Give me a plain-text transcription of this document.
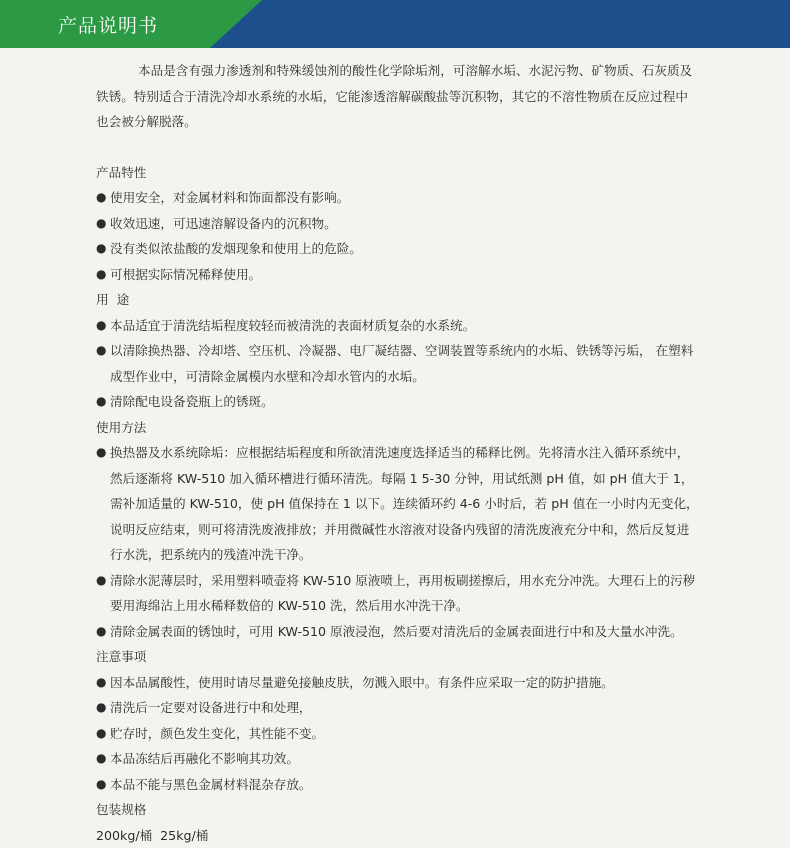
产品说明书

本品是含有强力渗透剂和特殊缓蚀剂的酸性化学除垢剂，可溶解水垢、水泥污物、矿物质、石灰质及铁锈。特别适合于清洗冷却水系统的水垢，它能渗透溶解碳酸盐等沉积物，其它的不溶性物质在反应过程中也会被分解脱落。

产品特性

● 使用安全，对金属材料和饰面都没有影响。

● 收效迅速，可迅速溶解设备内的沉积物。

● 没有类似浓盐酸的发烟现象和使用上的危险。

● 可根据实际情况稀释使用。

用  途

● 本品适宜于清洗结垢程度较轻而被清洗的表面材质复杂的水系统。

● 以清除换热器、冷却塔、空压机、冷凝器、电厂凝结器、空调装置等系统内的水垢、铁锈等污垢， 在塑料成型作业中，可清除金属模内水壁和冷却水管内的水垢。

● 清除配电设备瓷瓶上的锈斑。

使用方法

● 换热器及水系统除垢：应根据结垢程度和所欲清洗速度选择适当的稀释比例。先将清水注入循环系统中，然后逐渐将 KW-510 加入循环槽进行循环清洗。每隔 1 5-30 分钟，用试纸测 pH 值，如 pH 值大于 1，需补加适量的 KW-510，使 pH 值保持在 1 以下。连续循环约 4-6 小时后，若 pH 值在一小时内无变化，说明反应结束，则可将清洗废液排放；并用微碱性水溶液对设备内残留的清洗废液充分中和，然后反复进行水洗，把系统内的残渣冲洗干净。

● 清除水泥薄层时，采用塑料喷壶将 KW-510 原液喷上，再用板刷搓擦后，用水充分冲洗。大理石上的污秽要用海绵沾上用水稀释数倍的 KW-510 洗，然后用水冲洗干净。

● 清除金属表面的锈蚀时，可用 KW-510 原液浸泡，然后要对清洗后的金属表面进行中和及大量水冲洗。

注意事项

● 因本品属酸性，使用时请尽量避免接触皮肤，勿溅入眼中。有条件应采取一定的防护措施。

● 清洗后一定要对设备进行中和处理，

● 贮存时，颜色发生变化，其性能不变。

● 本品冻结后再融化不影响其功效。

● 本品不能与黑色金属材料混杂存放。

包装规格

200kg/桶  25kg/桶
